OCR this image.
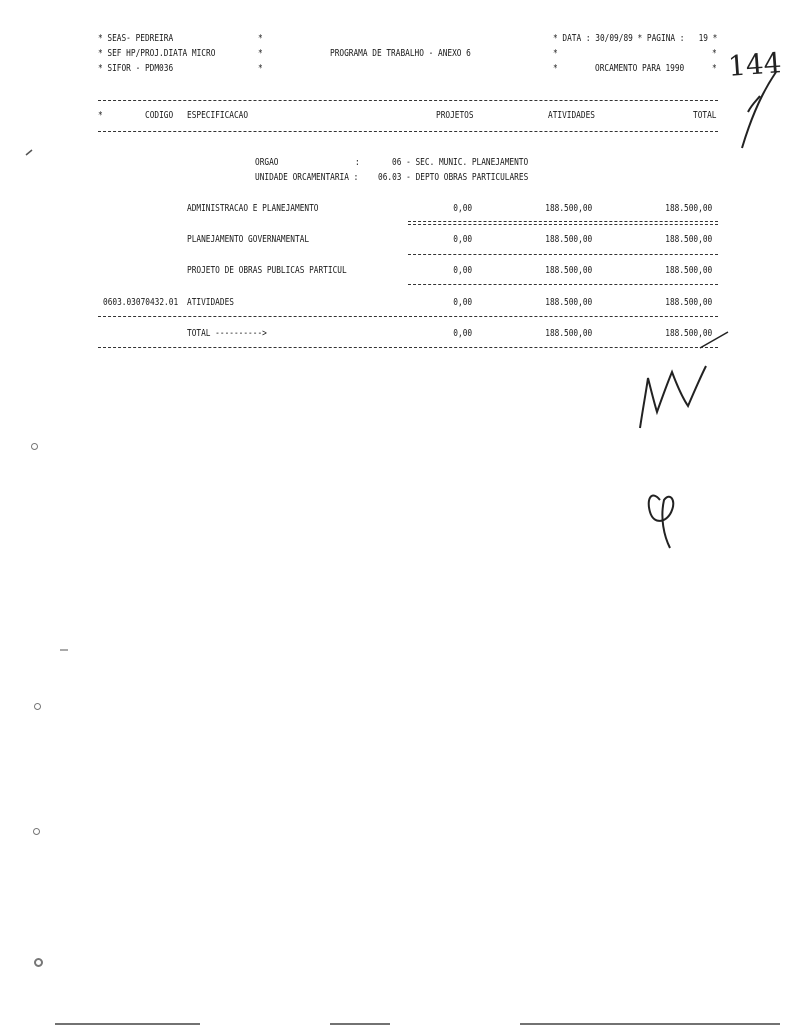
* SEAS- PEDREIRA
* SEF HP/PROJ.DIATA MICRO
* SIFOR - PDM036
*
*
*
PROGRAMA DE TRABALHO - ANEXO 6
* DATA : 30/09/89 * PAGINA :   19 *
*	*
*	ORCAMENTO PARA 1990	*
*	CODIGO ESPECIFICACAO	PROJETOS	ATIVIDADES	TOTAL
ORGAO	:	06 - SEC. MUNIC. PLANEJAMENTO
UNIDADE ORCAMENTARIA : 06.03 - DEPTO OBRAS PARTICULARES
ADMINISTRACAO E PLANEJAMENTO	0,00	188.500,00	188.500,00
PLANEJAMENTO GOVERNAMENTAL	0,00	188.500,00	188.500,00
PROJETO DE OBRAS PUBLICAS PARTICUL	0,00	188.500,00	188.500,00
0603.03070432.01 ATIVIDADES	0,00	188.500,00	188.500,00
TOTAL ---------->	0,00	188.500,00	188.500,00
144
